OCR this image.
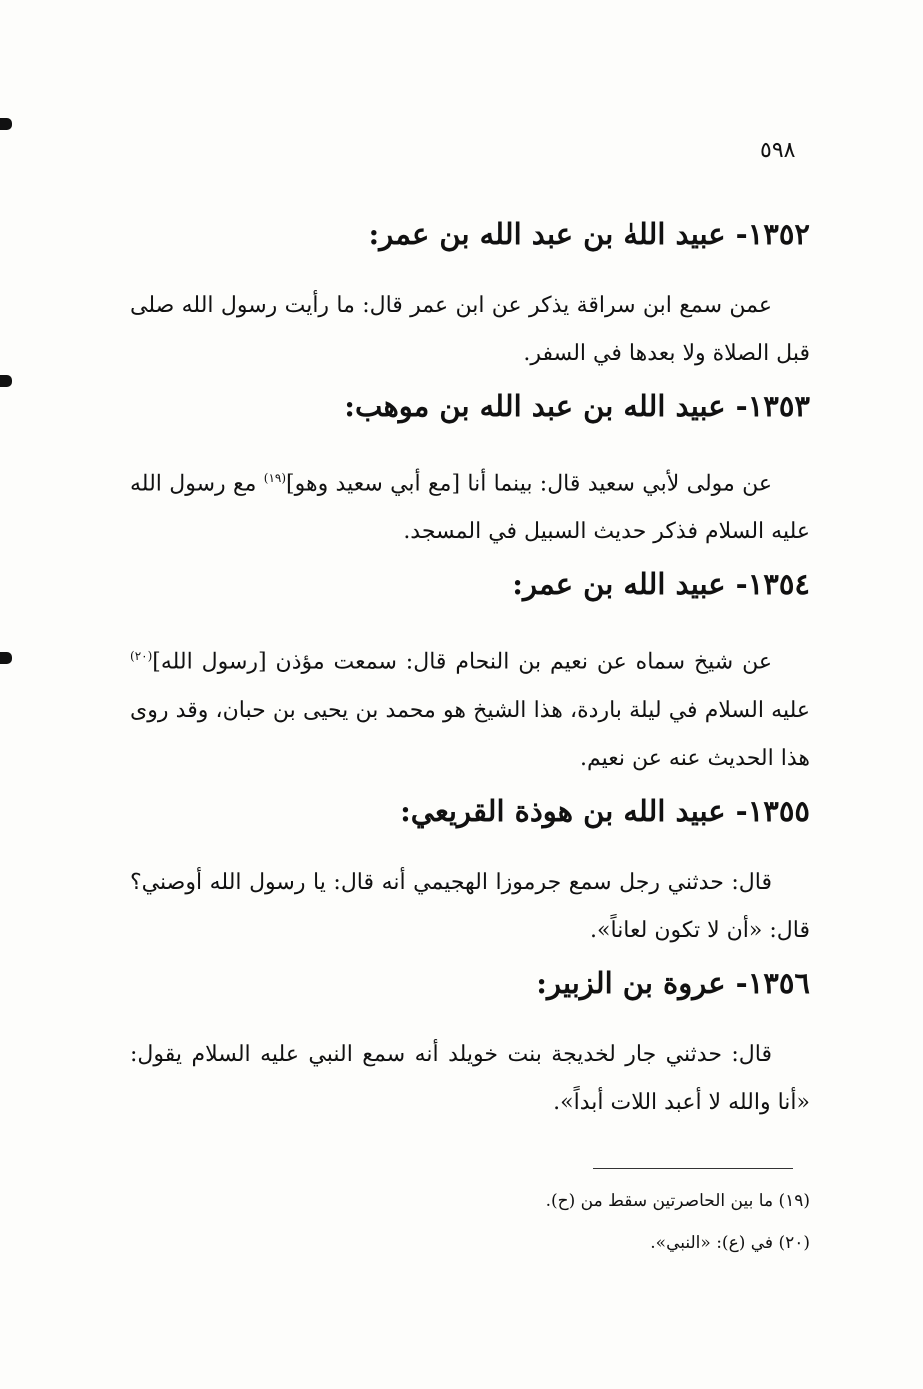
٥٩٨

١٣٥٢- عبيد اللهٰ بن عبد الله بن عمر:

عمن سمع ابن سراقة يذكر عن ابن عمر قال: ما رأيت رسول الله صلى قبل الصلاة ولا بعدها في السفر.

١٣٥٣- عبيد الله بن عبد الله بن موهب:

عن مولى لأبي سعيد قال: بينما أنا [مع أبي سعيد وهو]$^{(١٩)}$ مع رسول الله عليه السلام فذكر حديث السبيل في المسجد.

١٣٥٤- عبيد الله بن عمر:

عن شيخ سماه عن نعيم بن النحام قال: سمعت مؤذن [رسول الله]$^{(٢٠)}$ عليه السلام في ليلة باردة، هذا الشيخ هو محمد بن يحيى بن حبان، وقد روى هذا الحديث عنه عن نعيم.

١٣٥٥- عبيد الله بن هوذة القريعي:

قال: حدثني رجل سمع جرموزا الهجيمي أنه قال: يا رسول الله أوصني؟ قال: «أن لا تكون لعاناً».

١٣٥٦- عروة بن الزبير:

قال: حدثني جار لخديجة بنت خويلد أنه سمع النبي عليه السلام يقول: «أنا والله لا أعبد اللات أبداً».

(١٩) ما بين الحاصرتين سقط من (ح).

(٢٠) في (ع): «النبي».
